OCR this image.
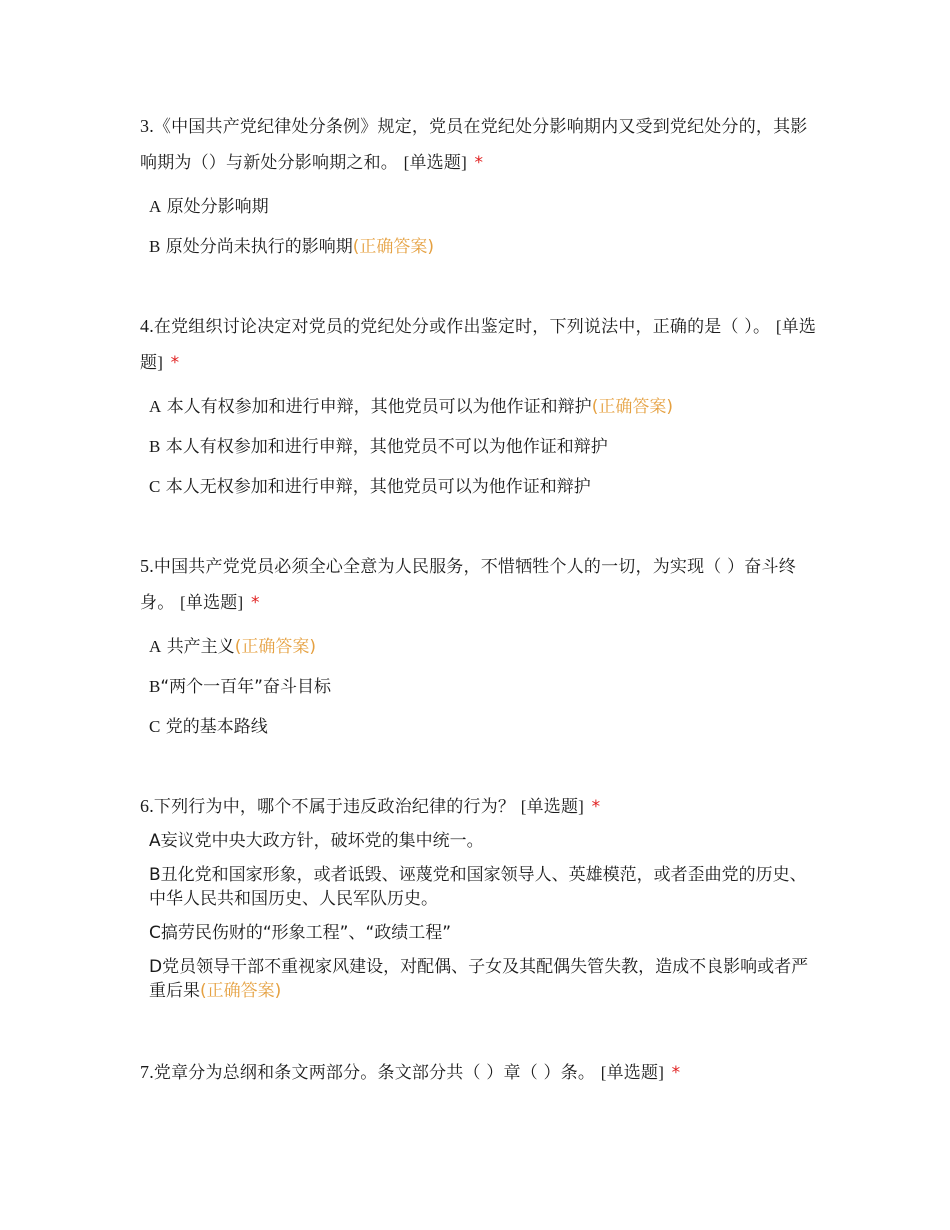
3.《中国共产党纪律处分条例》规定，党员在党纪处分影响期内又受到党纪处分的，其影响期为（）与新处分影响期之和。 [单选题] *
A 原处分影响期
B 原处分尚未执行的影响期(正确答案)
4.在党组织讨论决定对党员的党纪处分或作出鉴定时，下列说法中，正确的是（ ）。 [单选题] *
A 本人有权参加和进行申辩，其他党员可以为他作证和辩护(正确答案)
B 本人有权参加和进行申辩，其他党员不可以为他作证和辩护
C 本人无权参加和进行申辩，其他党员可以为他作证和辩护
5.中国共产党党员必须全心全意为人民服务，不惜牺牲个人的一切，为实现（ ）奋斗终身。 [单选题] *
A 共产主义(正确答案)
B“两个一百年”奋斗目标
C 党的基本路线
6.下列行为中，哪个不属于违反政治纪律的行为？ [单选题] *
A妄议党中央大政方针，破坏党的集中统一。
B丑化党和国家形象，或者诋毁、诬蔑党和国家领导人、英雄模范，或者歪曲党的历史、中华人民共和国历史、人民军队历史。
C搞劳民伤财的“形象工程”、“政绩工程”
D党员领导干部不重视家风建设，对配偶、子女及其配偶失管失教，造成不良影响或者严重后果(正确答案)
7.党章分为总纲和条文两部分。条文部分共（ ）章（ ）条。 [单选题] *
